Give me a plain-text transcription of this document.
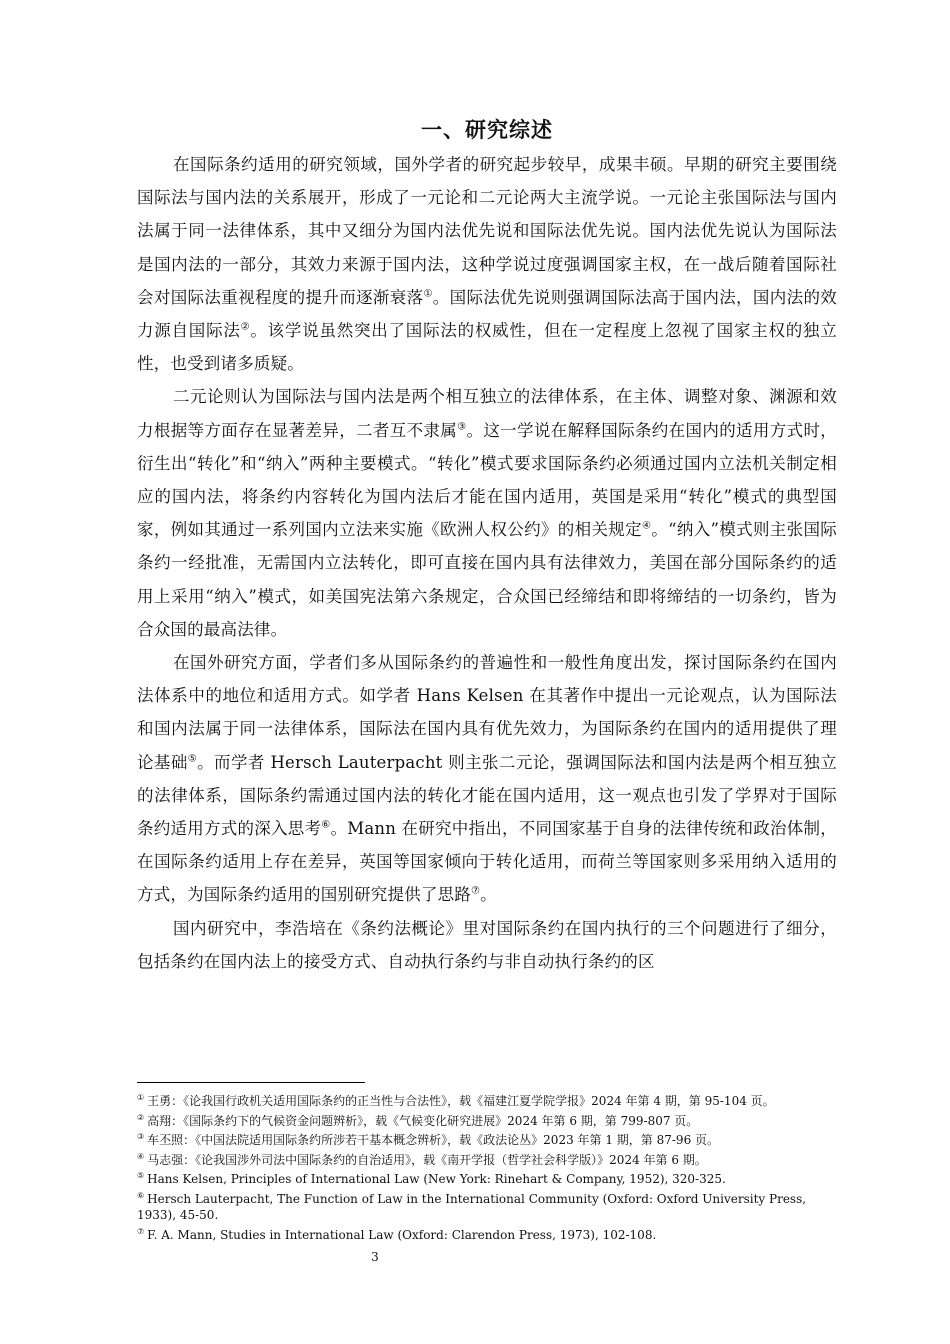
一、研究综述

在国际条约适用的研究领域，国外学者的研究起步较早，成果丰硕。早期的研究主要围绕国际法与国内法的关系展开，形成了一元论和二元论两大主流学说。一元论主张国际法与国内法属于同一法律体系，其中又细分为国内法优先说和国际法优先说。国内法优先说认为国际法是国内法的一部分，其效力来源于国内法，这种学说过度强调国家主权，在一战后随着国际社会对国际法重视程度的提升而逐渐衰落①。国际法优先说则强调国际法高于国内法，国内法的效力源自国际法②。该学说虽然突出了国际法的权威性，但在一定程度上忽视了国家主权的独立性，也受到诸多质疑。

二元论则认为国际法与国内法是两个相互独立的法律体系，在主体、调整对象、渊源和效力根据等方面存在显著差异，二者互不隶属③。这一学说在解释国际条约在国内的适用方式时，衍生出“转化”和“纳入”两种主要模式。“转化”模式要求国际条约必须通过国内立法机关制定相应的国内法，将条约内容转化为国内法后才能在国内适用，英国是采用“转化”模式的典型国家，例如其通过一系列国内立法来实施《欧洲人权公约》的相关规定④。“纳入”模式则主张国际条约一经批准，无需国内立法转化，即可直接在国内具有法律效力，美国在部分国际条约的适用上采用“纳入”模式，如美国宪法第六条规定，合众国已经缔结和即将缔结的一切条约，皆为合众国的最高法律。

在国外研究方面，学者们多从国际条约的普遍性和一般性角度出发，探讨国际条约在国内法体系中的地位和适用方式。如学者 Hans Kelsen 在其著作中提出一元论观点，认为国际法和国内法属于同一法律体系，国际法在国内具有优先效力，为国际条约在国内的适用提供了理论基础⑤。而学者 Hersch Lauterpacht 则主张二元论，强调国际法和国内法是两个相互独立的法律体系，国际条约需通过国内法的转化才能在国内适用，这一观点也引发了学界对于国际条约适用方式的深入思考⑥。Mann 在研究中指出，不同国家基于自身的法律传统和政治体制，在国际条约适用上存在差异，英国等国家倾向于转化适用，而荷兰等国家则多采用纳入适用的方式，为国际条约适用的国别研究提供了思路⑦。

国内研究中，李浩培在《条约法概论》里对国际条约在国内执行的三个问题进行了细分，包括条约在国内法上的接受方式、自动执行条约与非自动执行条约的区

① 王勇：《论我国行政机关适用国际条约的正当性与合法性》，载《福建江夏学院学报》2024 年第 4 期，第 95-104 页。

② 高翔：《国际条约下的气候资金问题辨析》，载《气候变化研究进展》2024 年第 6 期，第 799-807 页。

③ 车丕照：《中国法院适用国际条约所涉若干基本概念辨析》，载《政法论丛》2023 年第 1 期，第 87-96 页。

④ 马志强：《论我国涉外司法中国际条约的自治适用》，载《南开学报（哲学社会科学版）》2024 年第 6 期。

⑤ Hans Kelsen, Principles of International Law (New York: Rinehart & Company, 1952), 320-325.

⑥ Hersch Lauterpacht, The Function of Law in the International Community (Oxford: Oxford University Press, 1933), 45-50.

⑦ F. A. Mann, Studies in International Law (Oxford: Clarendon Press, 1973), 102-108.

3
